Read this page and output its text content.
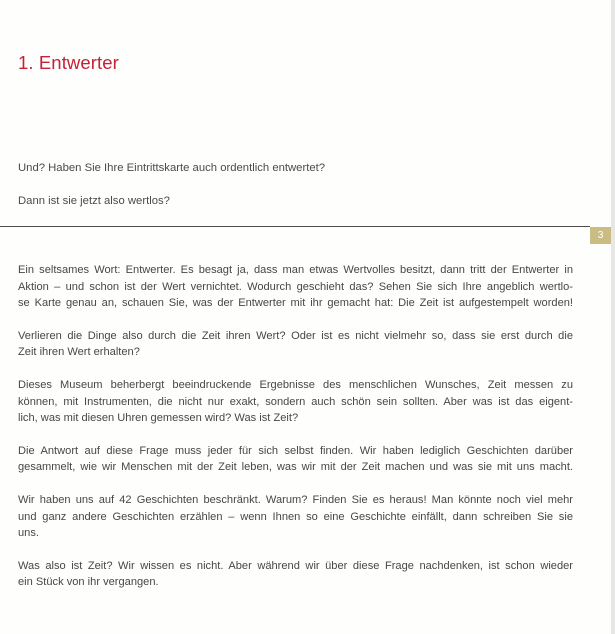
1. Entwerter

Und? Haben Sie Ihre Eintrittskarte auch ordentlich entwertet?

Dann ist sie jetzt also wertlos?

3

Ein seltsames Wort: Entwerter. Es besagt ja, dass man etwas Wertvolles besitzt, dann tritt der Entwerter in
Aktion – und schon ist der Wert vernichtet. Wodurch geschieht das? Sehen Sie sich Ihre angeblich wertlo-
se Karte genau an, schauen Sie, was der Entwerter mit ihr gemacht hat: Die Zeit ist aufgestempelt worden!

Verlieren die Dinge also durch die Zeit ihren Wert? Oder ist es nicht vielmehr so, dass sie erst durch die
Zeit ihren Wert erhalten?

Dieses Museum beherbergt beeindruckende Ergebnisse des menschlichen Wunsches, Zeit messen zu
können, mit Instrumenten, die nicht nur exakt, sondern auch schön sein sollten. Aber was ist das eigent-
lich, was mit diesen Uhren gemessen wird? Was ist Zeit?

Die Antwort auf diese Frage muss jeder für sich selbst finden. Wir haben lediglich Geschichten darüber
gesammelt, wie wir Menschen mit der Zeit leben, was wir mit der Zeit machen und was sie mit uns macht.

Wir haben uns auf 42 Geschichten beschränkt. Warum? Finden Sie es heraus! Man könnte noch viel mehr
und ganz andere Geschichten erzählen – wenn Ihnen so eine Geschichte einfällt, dann schreiben Sie sie
uns.

Was also ist Zeit? Wir wissen es nicht. Aber während wir über diese Frage nachdenken, ist schon wieder
ein Stück von ihr vergangen.
